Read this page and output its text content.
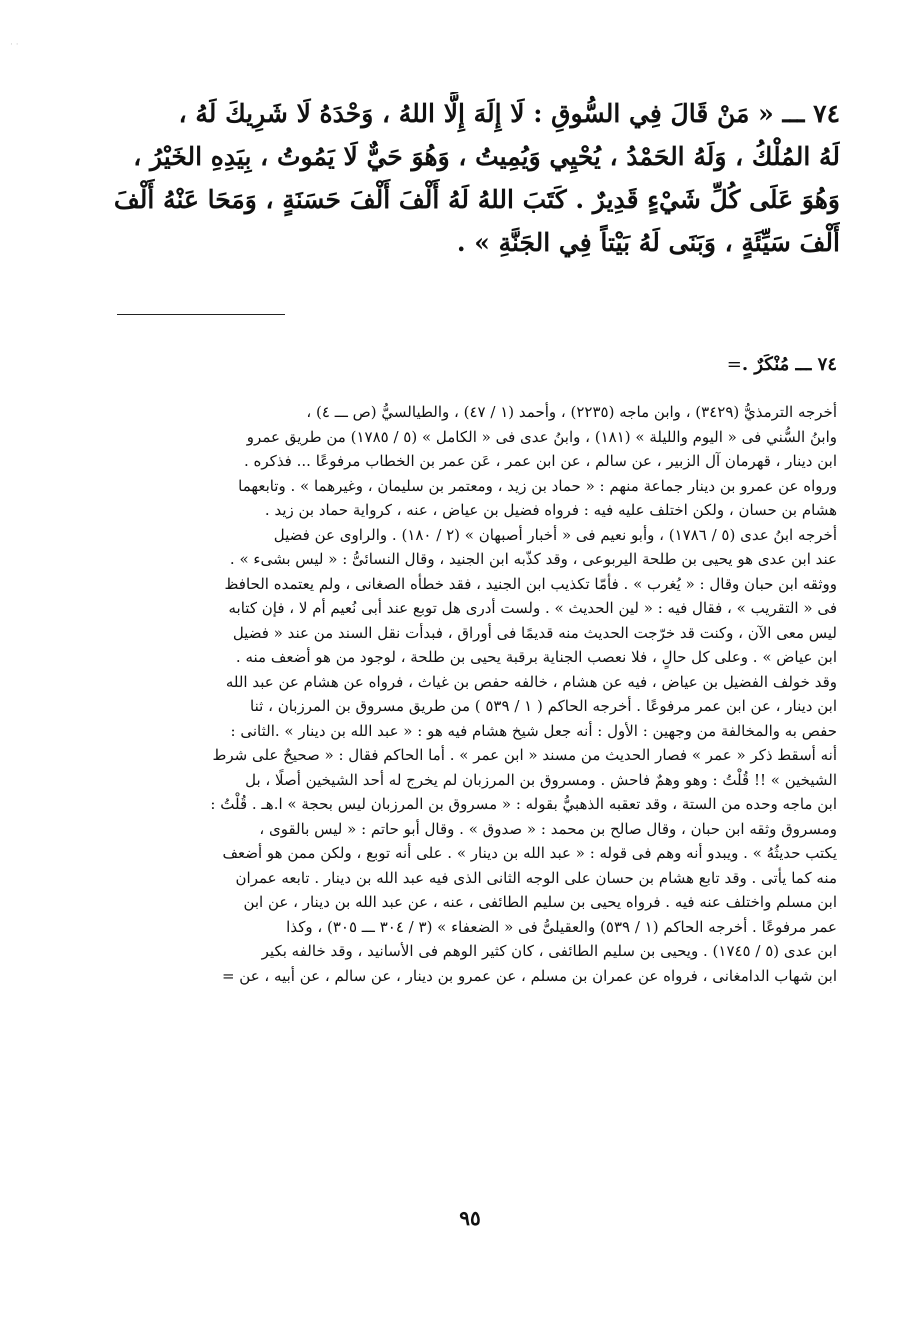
· ·
٧٤ ـــ « مَنْ قَالَ فِي السُّوقِ : لَا إِلَهَ إِلَّا اللهُ ، وَحْدَهُ لَا شَرِيكَ لَهُ ،
لَهُ المُلْكُ ، وَلَهُ الحَمْدُ ، يُحْيِي وَيُمِيتُ ، وَهُوَ حَيٌّ لَا يَمُوتُ ، بِيَدِهِ الخَيْرُ ،
وَهُوَ عَلَى كُلِّ شَيْءٍ قَدِيرٌ . كَتَبَ اللهُ لَهُ أَلْفَ أَلْفَ حَسَنَةٍ ، وَمَحَا عَنْهُ أَلْفَ
أَلْفَ سَيِّئَةٍ ، وَبَنَى لَهُ بَيْتاً فِي الجَنَّةِ » .
٧٤ ـــ مُنْكَرٌ .=
أخرجه الترمذيُّ (٣٤٢٩) ، وابن ماجه (٢٢٣٥) ، وأحمد (١ / ٤٧) ، والطيالسيُّ (ص ـــ ٤) ،
وابنُ السُّني فى « اليوم والليلة » (١٨١) ، وابنُ عدى فى « الكامل » (٥ / ١٧٨٥) من طريق عمرو
ابن دينار ، قهرمان آل الزبير ، عن سالم ، عن ابن عمر ، عَن عمر بن الخطاب مرفوعًا ... فذكره .
ورواه عن عمرو بن دينار جماعة منهم : « حماد بن زيد ، ومعتمر بن سليمان ، وغيرهما » . وتابعهما
هشام بن حسان ، ولكن اختلف عليه فيه : فرواه فضيل بن عياض ، عنه ، كرواية حماد بن زيد .
أخرجه ابنُ عدى (٥ / ١٧٨٦) ، وأبو نعيم فى « أخبار أصبهان » (٢ / ١٨٠) . والراوى عن فضيل
عند ابن عدى هو يحيى بن طلحة اليربوعى ، وقد كذّبه ابن الجنيد ، وقال النسائىُّ : « ليس بشىء » .
ووثقه ابن حبان وقال : « يُغرب » . فأمّا تكذيب ابن الجنيد ، فقد خطأه الصغانى ، ولم يعتمده الحافظ
فى « التقريب » ، فقال فيه : « لين الحديث » . ولست أدرى هل توبع عند أبى نُعيم أم لا ، فإن كتابه
ليس معى الآن ، وكنت قد خرّجت الحديث منه قديمًا فى أوراق ، فبدأت نقل السند من عند « فضيل
ابن عياض » . وعلى كل حالٍ ، فلا نعصب الجناية برقبة يحيى بن طلحة ، لوجود من هو أضعف منه .
وقد خولف الفضيل بن عياض ، فيه عن هشام ، خالفه حفص بن غياث ، فرواه عن هشام عن عبد الله
ابن دينار ، عن ابن عمر مرفوعًا . أخرجه الحاكم ( ١ / ٥٣٩ ) من طريق مسروق بن المرزبان ، ثنا
حفص به والمخالفة من وجهين : الأول : أنه جعل شيخ هشام فيه هو : « عبد الله بن دينار » .الثانى :
أنه أسقط ذكر « عمر » فصار الحديث من مسند « ابن عمر » . أما الحاكم فقال : « صحيحٌ على شرط
الشيخين » !! قُلْتُ : وهو وهمٌ فاحش . ومسروق بن المرزبان لم يخرج له أحد الشيخين أصلًا ، بل
ابن ماجه وحده من الستة ، وقد تعقبه الذهبيُّ بقوله : « مسروق بن المرزبان ليس بحجة » ا.هـ . قُلْتُ :
ومسروق وثقه ابن حبان ، وقال صالح بن محمد : « صدوق » . وقال أبو حاتم : « ليس بالقوى ،
يكتب حديثُهُ » . ويبدو أنه وهم فى قوله : « عبد الله بن دينار » . على أنه توبع ، ولكن ممن هو أضعف
منه كما يأتى . وقد تابع هشام بن حسان على الوجه الثانى الذى فيه عبد الله بن دينار . تابعه عمران
ابن مسلم واختلف عنه فيه . فرواه يحيى بن سليم الطائفى ، عنه ، عن عبد الله بن دينار ، عن ابن
عمر مرفوعًا . أخرجه الحاكم (١ / ٥٣٩) والعقيلىُّ فى « الضعفاء » (٣ / ٣٠٤ ـــ ٣٠٥) ، وكذا
ابن عدى (٥ / ١٧٤٥) . ويحيى بن سليم الطائفى ، كان كثير الوهم فى الأسانيد ، وقد خالفه بكير
ابن شهاب الدامغانى ، فرواه عن عمران بن مسلم ، عن عمرو بن دينار ، عن سالم ، عن أبيه ، عن =
٩٥
